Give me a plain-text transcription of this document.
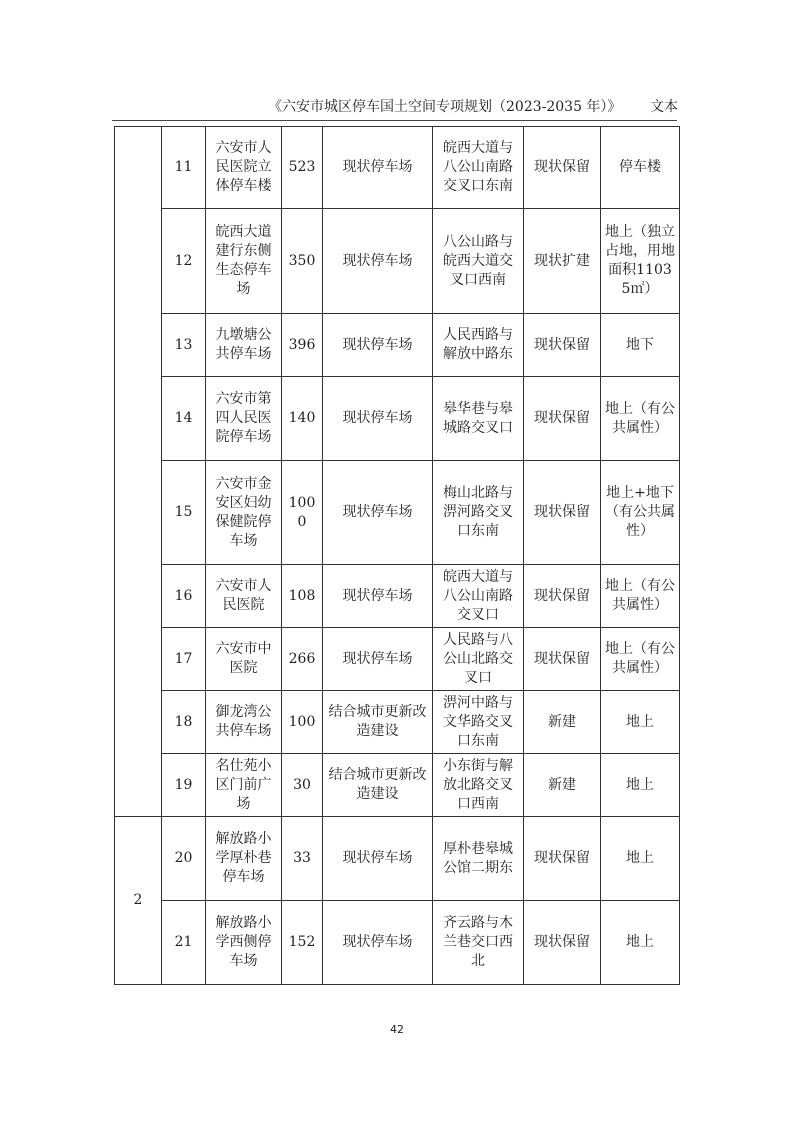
《六安市城区停车国土空间专项规划（2023-2035 年）》 文本
	11	六安市人民医院立体停车楼	523	现状停车场	皖西大道与八公山南路交叉口东南	现状保留	停车楼
	12	皖西大道建行东侧生态停车场	350	现状停车场	八公山路与皖西大道交叉口西南	现状扩建	地上（独立占地，用地面积11035㎡）
	13	九墩塘公共停车场	396	现状停车场	人民西路与解放中路东	现状保留	地下
	14	六安市第四人民医院停车场	140	现状停车场	皋华巷与皋城路交叉口	现状保留	地上（有公共属性）
	15	六安市金安区妇幼保健院停车场	1000	现状停车场	梅山北路与淠河路交叉口东南	现状保留	地上+地下（有公共属性）
	16	六安市人民医院	108	现状停车场	皖西大道与八公山南路交叉口	现状保留	地上（有公共属性）
	17	六安市中医院	266	现状停车场	人民路与八公山北路交叉口	现状保留	地上（有公共属性）
	18	御龙湾公共停车场	100	结合城市更新改造建设	淠河中路与文华路交叉口东南	新建	地上
	19	名仕苑小区门前广场	30	结合城市更新改造建设	小东街与解放北路交叉口西南	新建	地上
2	20	解放路小学厚朴巷停车场	33	现状停车场	厚朴巷皋城公馆二期东	现状保留	地上
	21	解放路小学西侧停车场	152	现状停车场	齐云路与木兰巷交口西北	现状保留	地上
42
